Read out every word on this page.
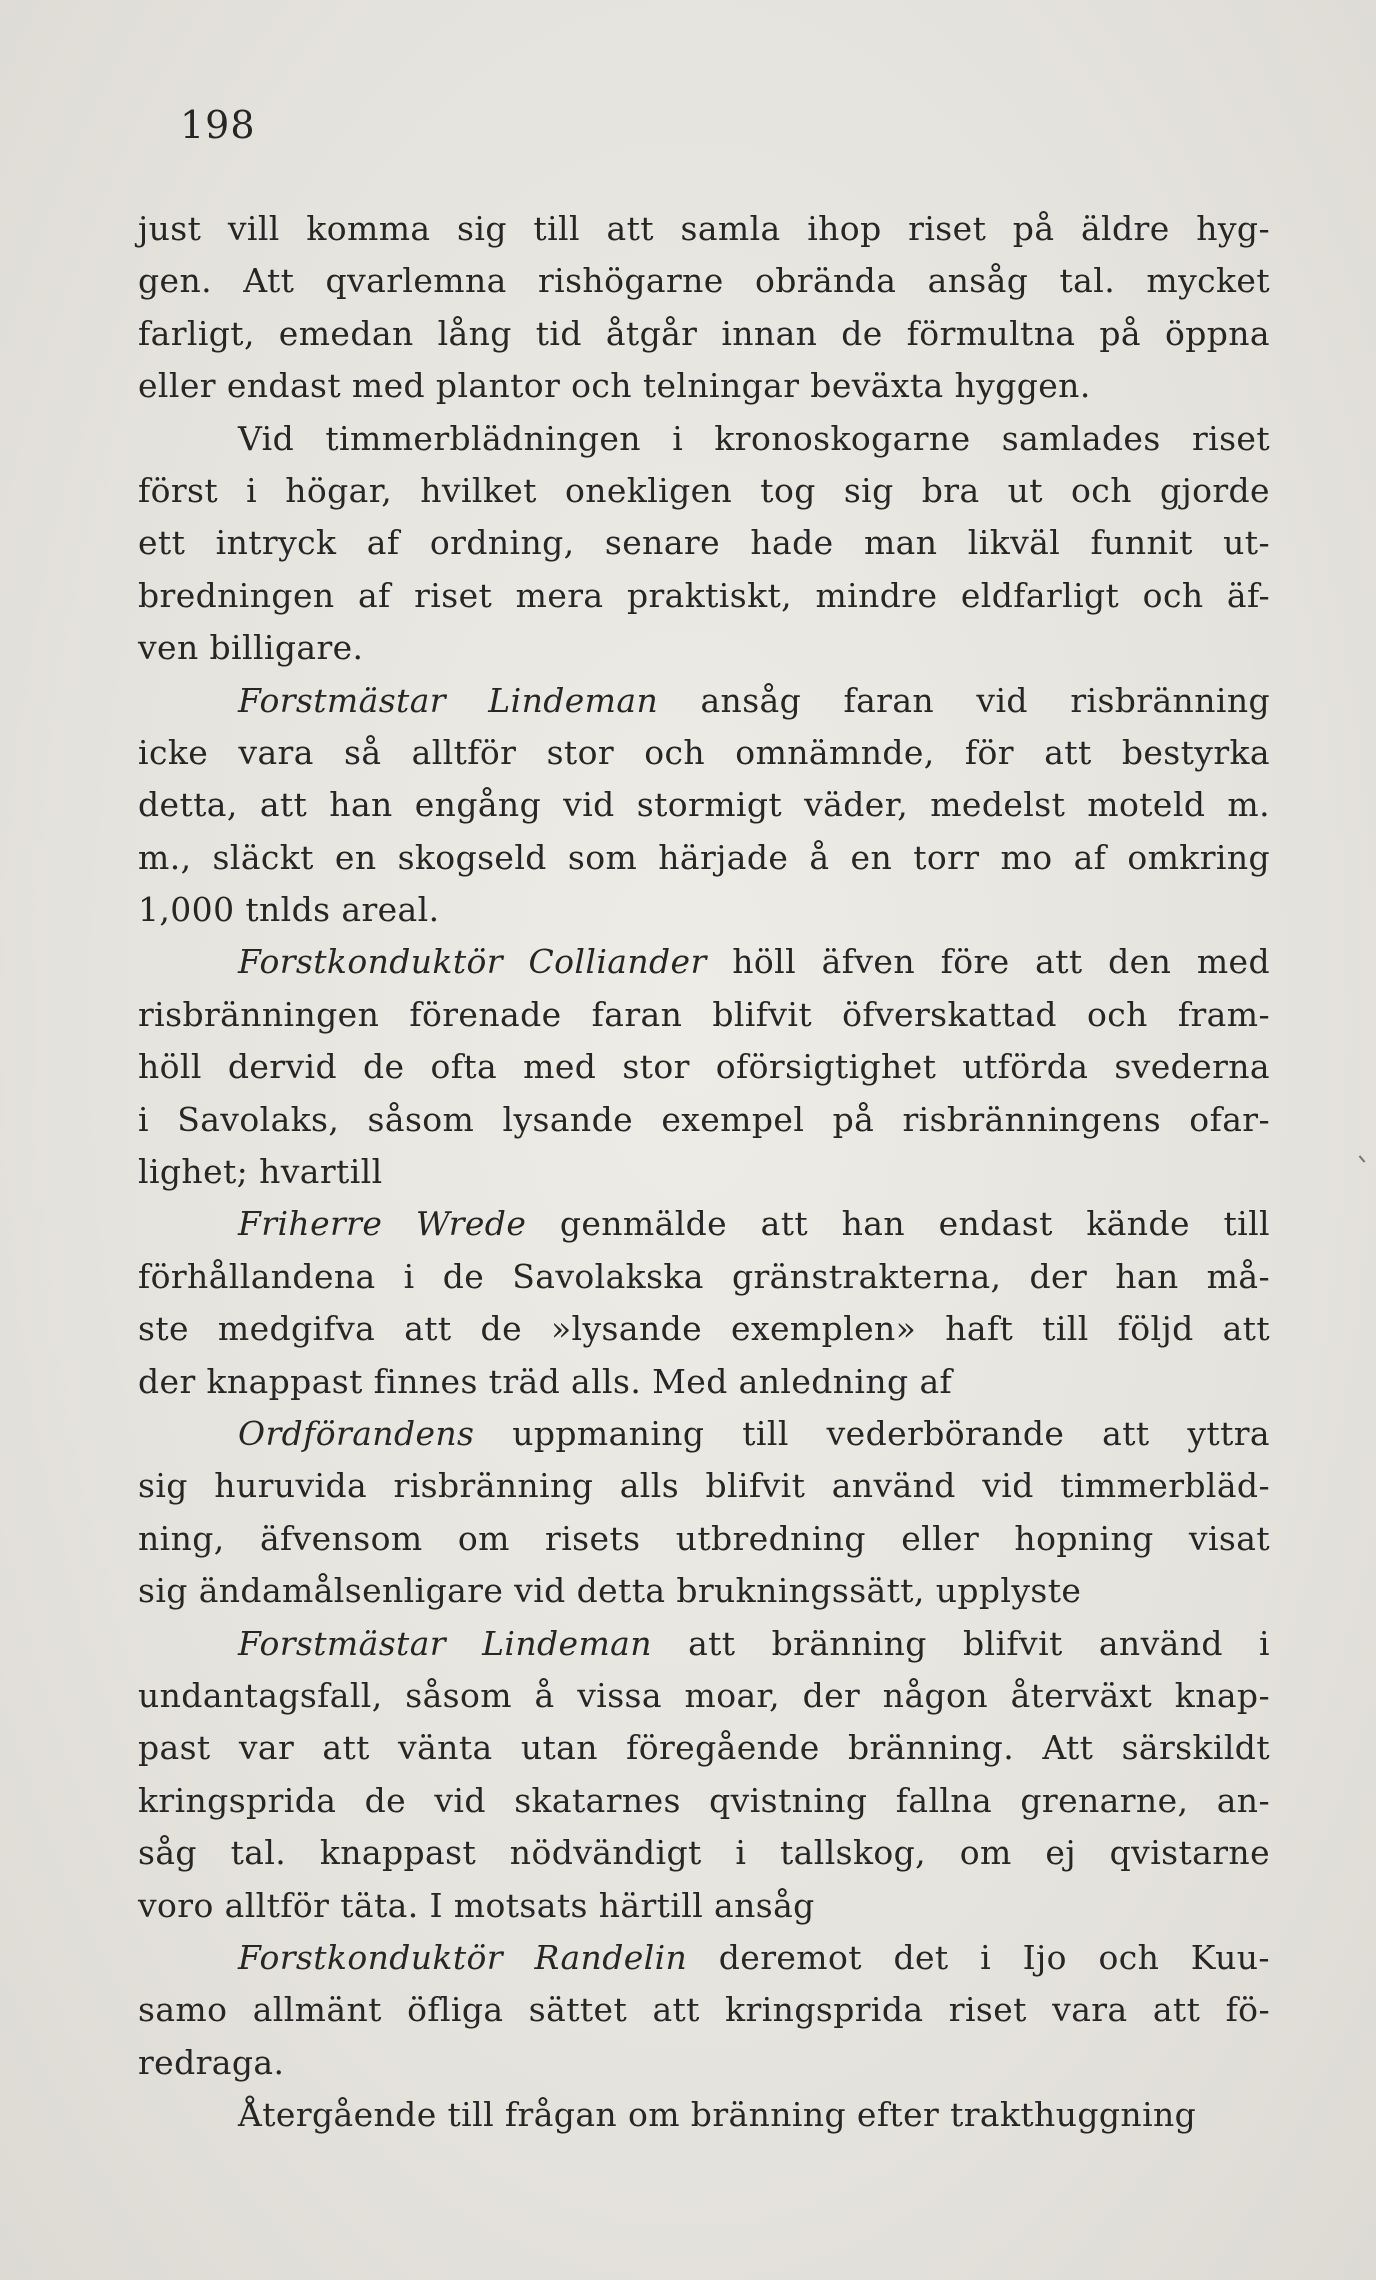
198
just vill komma sig till att samla ihop riset på äldre hyg-
gen. Att qvarlemna rishögarne obrända ansåg tal. mycket
farligt, emedan lång tid åtgår innan de förmultna på öppna
eller endast med plantor och telningar beväxta hyggen.
Vid timmerblädningen i kronoskogarne samlades riset
först i högar, hvilket onekligen tog sig bra ut och gjorde
ett intryck af ordning, senare hade man likväl funnit ut-
bredningen af riset mera praktiskt, mindre eldfarligt och äf-
ven billigare.
Forstmästar Lindeman ansåg faran vid risbränning
icke vara så alltför stor och omnämnde, för att bestyrka
detta, att han engång vid stormigt väder, medelst moteld m.
m., släckt en skogseld som härjade å en torr mo af omkring
1,000 tnlds areal.
Forstkonduktör Colliander höll äfven före att den med
risbränningen förenade faran blifvit öfverskattad och fram-
höll dervid de ofta med stor oförsigtighet utförda svederna
i Savolaks, såsom lysande exempel på risbränningens ofar-
lighet; hvartill
Friherre Wrede genmälde att han endast kände till
förhållandena i de Savolakska gränstrakterna, der han må-
ste medgifva att de »lysande exemplen» haft till följd att
der knappast finnes träd alls. Med anledning af
Ordförandens uppmaning till vederbörande att yttra
sig huruvida risbränning alls blifvit använd vid timmerbläd-
ning, äfvensom om risets utbredning eller hopning visat
sig ändamålsenligare vid detta brukningssätt, upplyste
Forstmästar Lindeman att bränning blifvit använd i
undantagsfall, såsom å vissa moar, der någon återväxt knap-
past var att vänta utan föregående bränning. Att särskildt
kringsprida de vid skatarnes qvistning fallna grenarne, an-
såg tal. knappast nödvändigt i tallskog, om ej qvistarne
voro alltför täta. I motsats härtill ansåg
Forstkonduktör Randelin deremot det i Ijo och Kuu-
samo allmänt öfliga sättet att kringsprida riset vara att fö-
redraga.
Återgående till frågan om bränning efter trakthuggning
